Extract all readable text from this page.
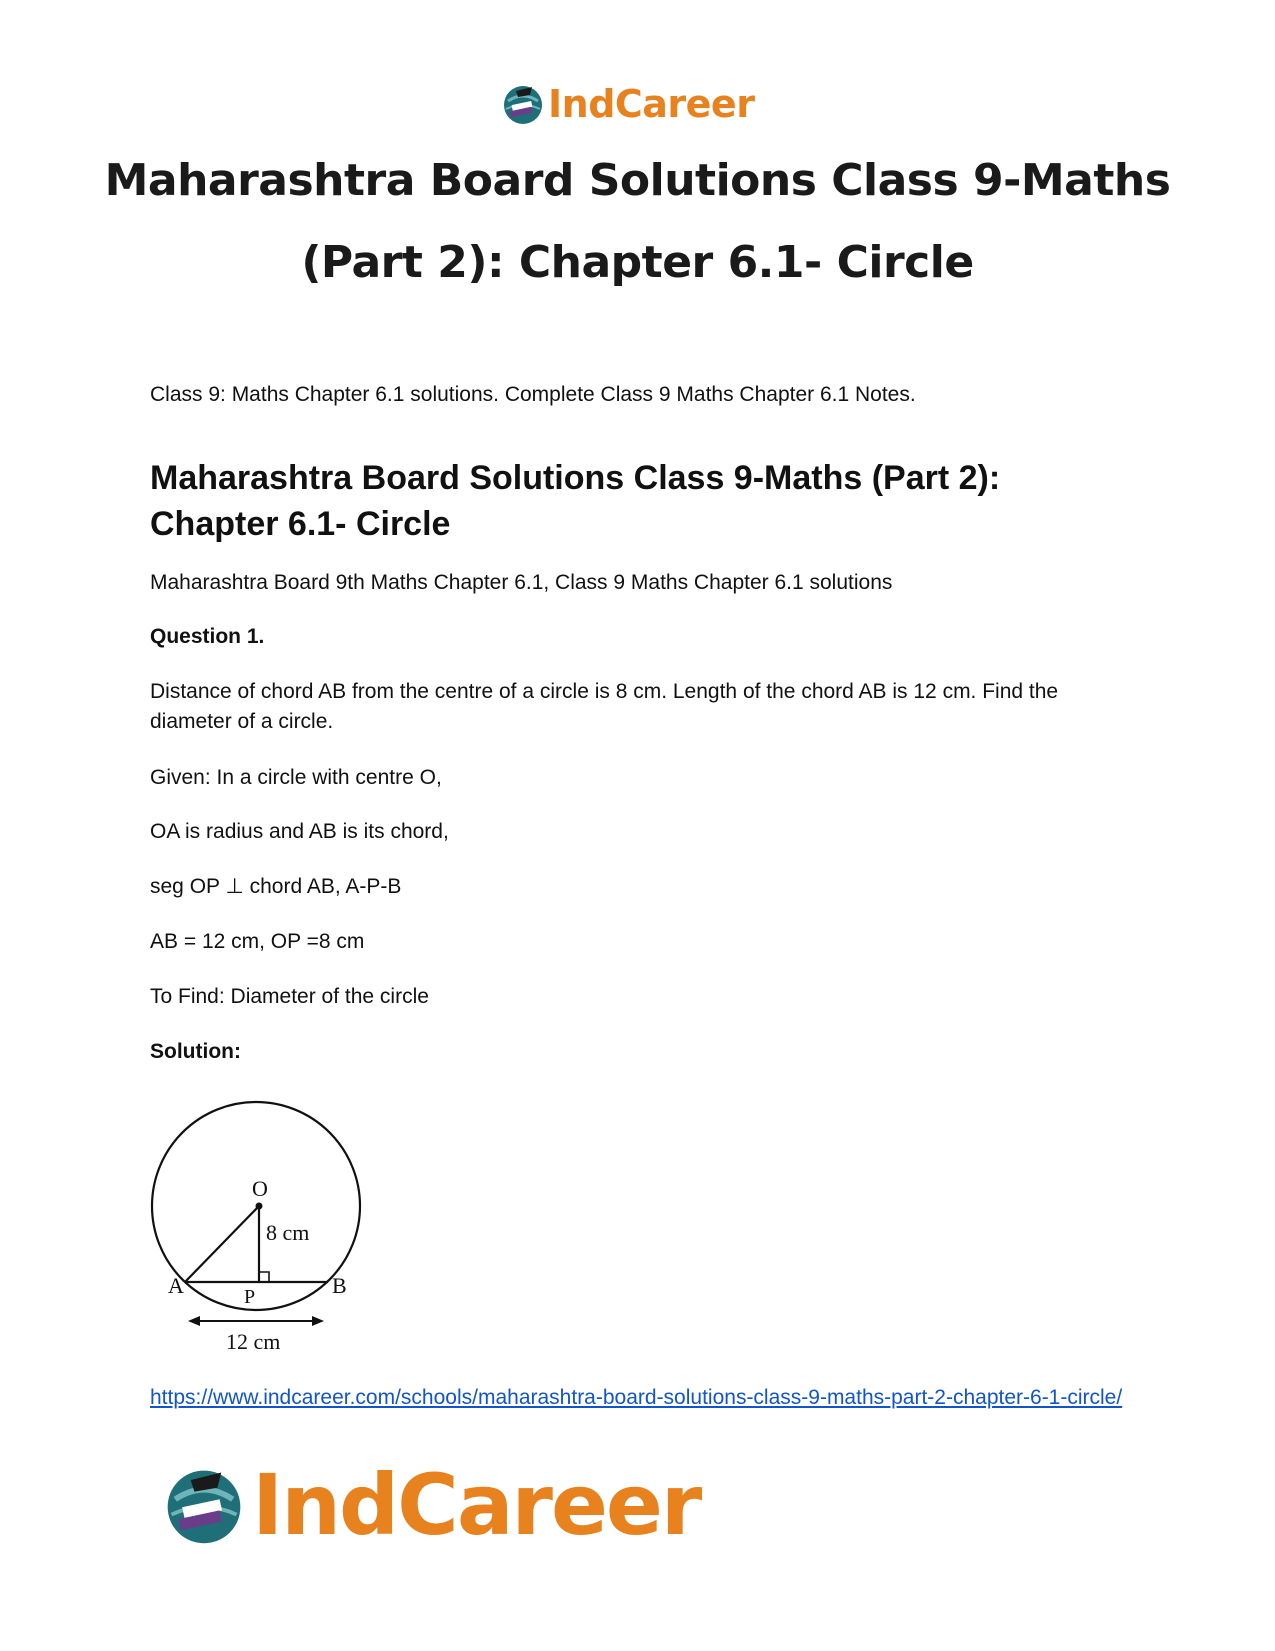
IndCareer
Maharashtra Board Solutions Class 9-Maths
(Part 2): Chapter 6.1- Circle

Class 9: Maths Chapter 6.1 solutions. Complete Class 9 Maths Chapter 6.1 Notes.

Maharashtra Board Solutions Class 9-Maths (Part 2):
Chapter 6.1- Circle

Maharashtra Board 9th Maths Chapter 6.1, Class 9 Maths Chapter 6.1 solutions

Question 1.

Distance of chord AB from the centre of a circle is 8 cm. Length of the chord AB is 12 cm. Find the diameter of a circle.

Given: In a circle with centre O,

OA is radius and AB is its chord,

seg OP ⊥ chord AB, A-P-B

AB = 12 cm, OP =8 cm

To Find: Diameter of the circle

Solution:

O
8 cm
A	P	B
12 cm
https://www.indcareer.com/schools/maharashtra-board-solutions-class-9-maths-part-2-chapter-6-1-circle/
IndCareer
